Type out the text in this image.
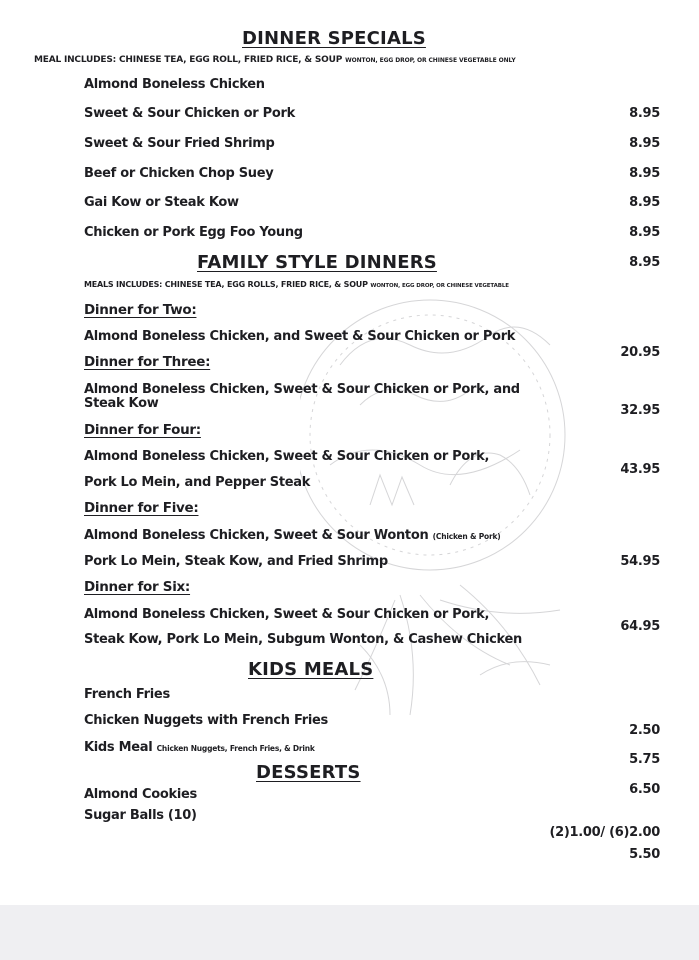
DINNER SPECIALS
MEAL INCLUDES: CHINESE TEA, EGG ROLL, FRIED RICE, & SOUP WONTON, EGG DROP, OR CHINESE VEGETABLE ONLY
Almond Boneless Chicken
Sweet & Sour Chicken or Pork
Sweet & Sour Fried Shrimp
Beef or Chicken Chop Suey
Gai Kow or Steak Kow
Chicken or Pork Egg Foo Young
8.95
8.95
8.95
8.95
8.95
8.95
FAMILY STYLE DINNERS
MEALS INCLUDES: CHINESE TEA, EGG ROLLS, FRIED RICE, & SOUP WONTON, EGG DROP, OR CHINESE VEGETABLE
Dinner for Two:
Almond Boneless Chicken, and Sweet & Sour Chicken or Pork
20.95
Dinner for Three:
Almond Boneless Chicken, Sweet & Sour Chicken or Pork, and
Steak Kow	32.95
Dinner for Four:
Almond Boneless Chicken, Sweet & Sour Chicken or Pork,
Pork Lo Mein, and Pepper Steak
43.95
Dinner for Five:
Almond Boneless Chicken, Sweet & Sour Wonton (Chicken & Pork)
Pork Lo Mein, Steak Kow, and Fried Shrimp	54.95
Dinner for Six:
Almond Boneless Chicken, Sweet & Sour Chicken or Pork,
Steak Kow, Pork Lo Mein, Subgum Wonton, & Cashew Chicken
64.95
KIDS MEALS
French Fries
Chicken Nuggets with French Fries
Kids Meal Chicken Nuggets, French Fries, & Drink
2.50
5.75
6.50
DESSERTS
Almond Cookies
Sugar Balls (10)
(2)1.00/ (6)2.00
5.50
